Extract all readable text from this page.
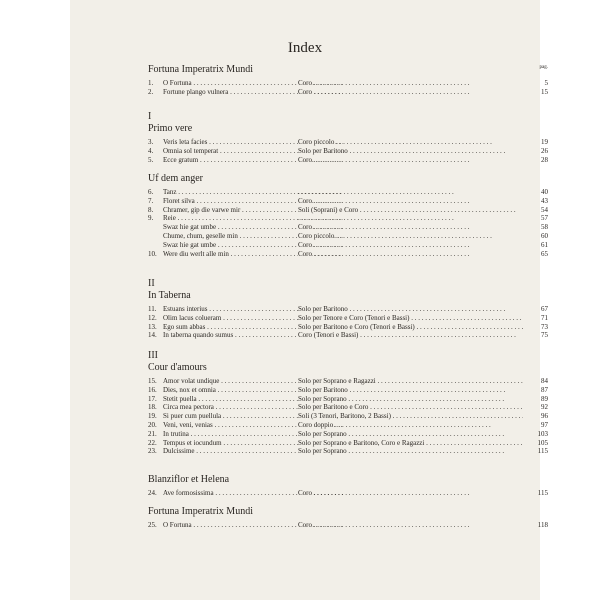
Index
Fortuna Imperatrix Mundi	pag.
1. O Fortuna . . .	Coro . . .	5
2. Fortune plango vulnera . . .	Coro . . .	15
I
Primo vere
3. Veris leta facies . . .	Coro piccolo . . .	19
4. Omnia sol temperat . . .	Solo per Baritono . . .	26
5. Ecce gratum . . .	Coro . . .	28
Uf dem anger
6. Tanz . . . . . .	40
7. Floret silva . . .	Coro . . .	43
8. Chramer, gip die varwe mir . . .	Soli (Soprani) e Coro . . .	54
9. Reie . . . . . .	57
Swaz hie gat umbe . . .	Coro . . .	58
Chume, chum, geselle min . . .	Coro piccolo . . .	60
Swaz hie gat umbe . . .	Coro . . .	61
10. Were diu werlt alle min . . .	Coro . . .	65
II
In Taberna
11. Estuans interius . . .	Solo per Baritono . . .	67
12. Olim lacus colueram . . .	Solo per Tenore e Coro (Tenori e Bassi) . . .	71
13. Ego sum abbas . . .	Solo per Baritono e Coro (Tenori e Bassi) . . .	73
14. In taberna quando sumus . . .	Coro (Tenori e Bassi) . . .	75
III
Cour d'amours
15. Amor volat undique . . .	Solo per Soprano e Ragazzi . . .	84
16. Dies, nox et omnia . . .	Solo per Baritono . . .	87
17. Stetit puella . . .	Solo per Soprano . . .	89
18. Circa mea pectora . . .	Solo per Baritono e Coro . . .	92
19. Si puer cum puellula . . .	Soli (3 Tenori, Baritono, 2 Bassi) . . .	96
20. Veni, veni, venias . . .	Coro doppio . . .	97
21. In trutina . . .	Solo per Soprano . . .	103
22. Tempus et iocundum . . .	Solo per Soprano e Baritono, Coro e Ragazzi . . .	105
23. Dulcissime . . .	Solo per Soprano . . .	115
Blanziflor et Helena
24. Ave formosissima . . .	Coro . . .	115
Fortuna Imperatrix Mundi
25. O Fortuna . . .	Coro . . .	118
